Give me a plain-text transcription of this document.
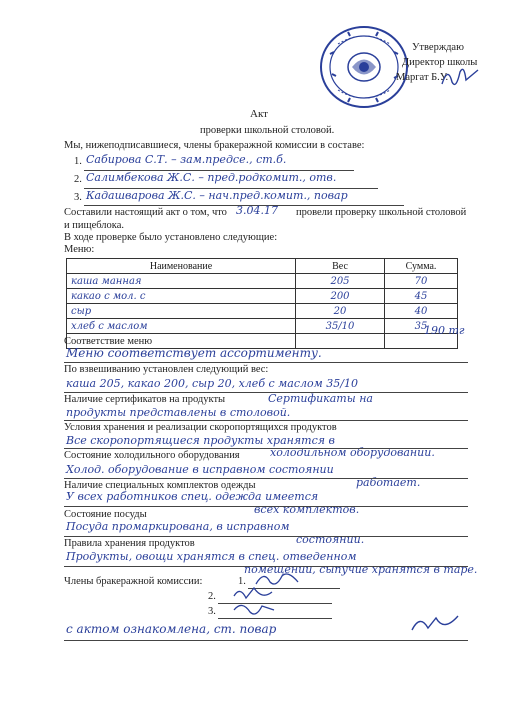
Утверждаю
Директор школы
Маргат Б.У.
Акт
проверки школьной столовой.
Мы, нижеподписавшиеся, члены бракеражной комиссии в составе:
1. Сабирова С.Т. – зам.предсе., ст.б.
2. Салимбекова Ж.С. – пред.родкомит., отв.
3. Кадашварова Ж.С. – нач.пред.комит., повар
Составили настоящий акт о том, что 3.04.17 провели проверку школьной столовой
и пищеблока.
В ходе проверке было установлено следующие:
Меню:
Наименование	Вес	Сумма.
каша манная	205	70
какао с мол. с	200	45
сыр	20	40
хлеб с маслом	35/10	35

190 тг
Соответствие меню
Меню соответствует ассортименту.
По взвешиванию установлен следующий вес:
каша 205, какао 200, сыр 20, хлеб с маслом 35/10
Наличие сертификатов на продукты	Сертификаты на
продукты представлены в столовой.
Условия хранения и реализации скоропортящихся продуктов
Все скоропортящиеся продукты хранятся в
холодильном оборудовании.
Состояние холодильного оборудования
Холод. оборудование в исправном состоянии
работает.
Наличие специальных комплектов одежды
У всех работников спец. одежда имеется
всех комплектов.
Состояние посуды
Посуда промаркирована, в исправном
состоянии.
Правила хранения продуктов
Продукты, овощи хранятся в спец. отведенном
помещении, сыпучие хранятся в таре.
Члены бракеражной комиссии:	1.
2.
3.
с актом ознакомлена, ст. повар
